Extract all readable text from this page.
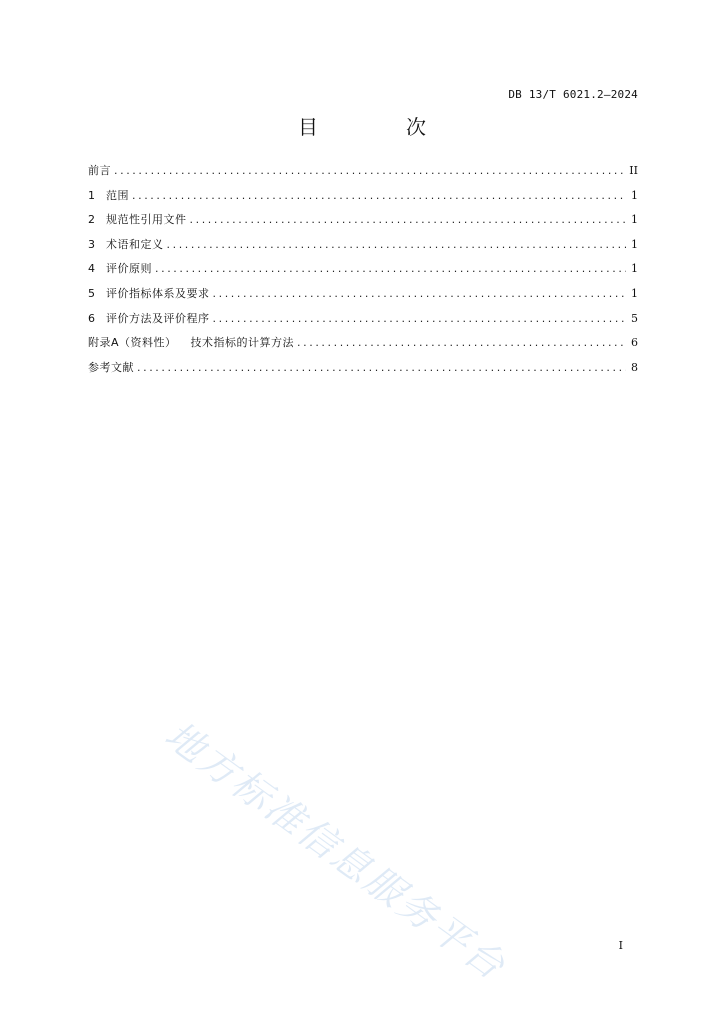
DB 13/T 6021.2—2024
目　次
前言 .....	II
1	范围 .....	1
2	规范性引用文件 .....	1
3	术语和定义 .....	1
4	评价原则 .....	1
5	评价指标体系及要求 .....	1
6	评价方法及评价程序 .....	5
附录A（资料性） 技术指标的计算方法 .....	6
参考文献 .....	8
地方标准信息服务平台	I
